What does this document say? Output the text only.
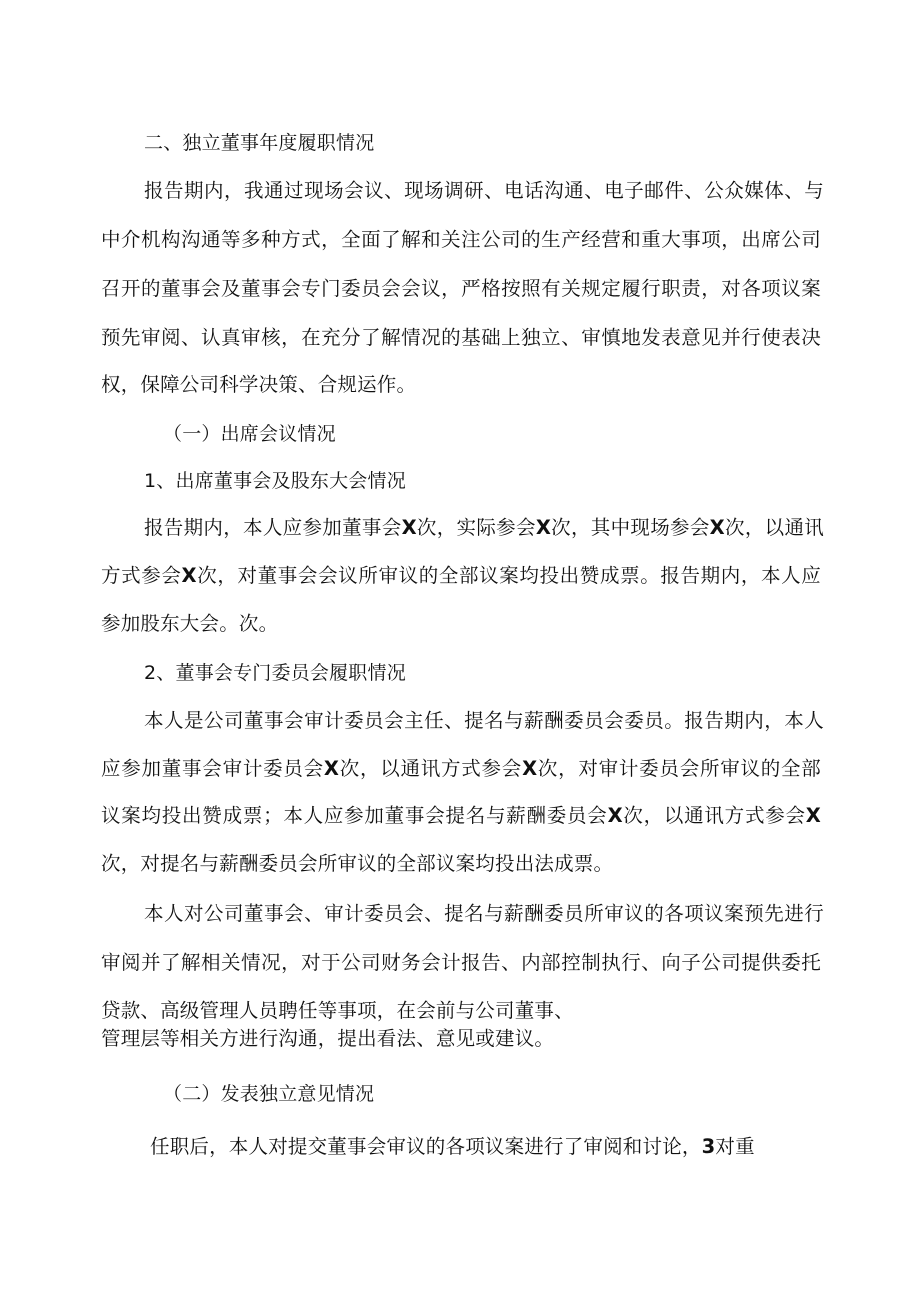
二、独立董事年度履职情况
报告期内，我通过现场会议、现场调研、电话沟通、电子邮件、公众媒体、与
中介机构沟通等多种方式，全面了解和关注公司的生产经营和重大事项，出席公司
召开的董事会及董事会专门委员会会议，严格按照有关规定履行职责，对各项议案
预先审阅、认真审核，在充分了解情况的基础上独立、审慎地发表意见并行使表决
权，保障公司科学决策、合规运作。
（一）出席会议情况
1、出席董事会及股东大会情况
报告期内，本人应参加董事会X次，实际参会X次，其中现场参会X次，以通讯
方式参会X次，对董事会会议所审议的全部议案均投出赞成票。报告期内，本人应
参加股东大会。次。
2、董事会专门委员会履职情况
本人是公司董事会审计委员会主任、提名与薪酬委员会委员。报告期内，本人
应参加董事会审计委员会X次，以通讯方式参会X次，对审计委员会所审议的全部
议案均投出赞成票；本人应参加董事会提名与薪酬委员会X次，以通讯方式参会X
次，对提名与薪酬委员会所审议的全部议案均投出法成票。
本人对公司董事会、审计委员会、提名与薪酬委员所审议的各项议案预先进行
审阅并了解相关情况，对于公司财务会计报告、内部控制执行、向子公司提供委托
贷款、高级管理人员聘任等事项，在会前与公司董事、
管理层等相关方进行沟通，提出看法、意见或建议。
（二）发表独立意见情况
任职后，本人对提交董事会审议的各项议案进行了审阅和讨论，3对重
